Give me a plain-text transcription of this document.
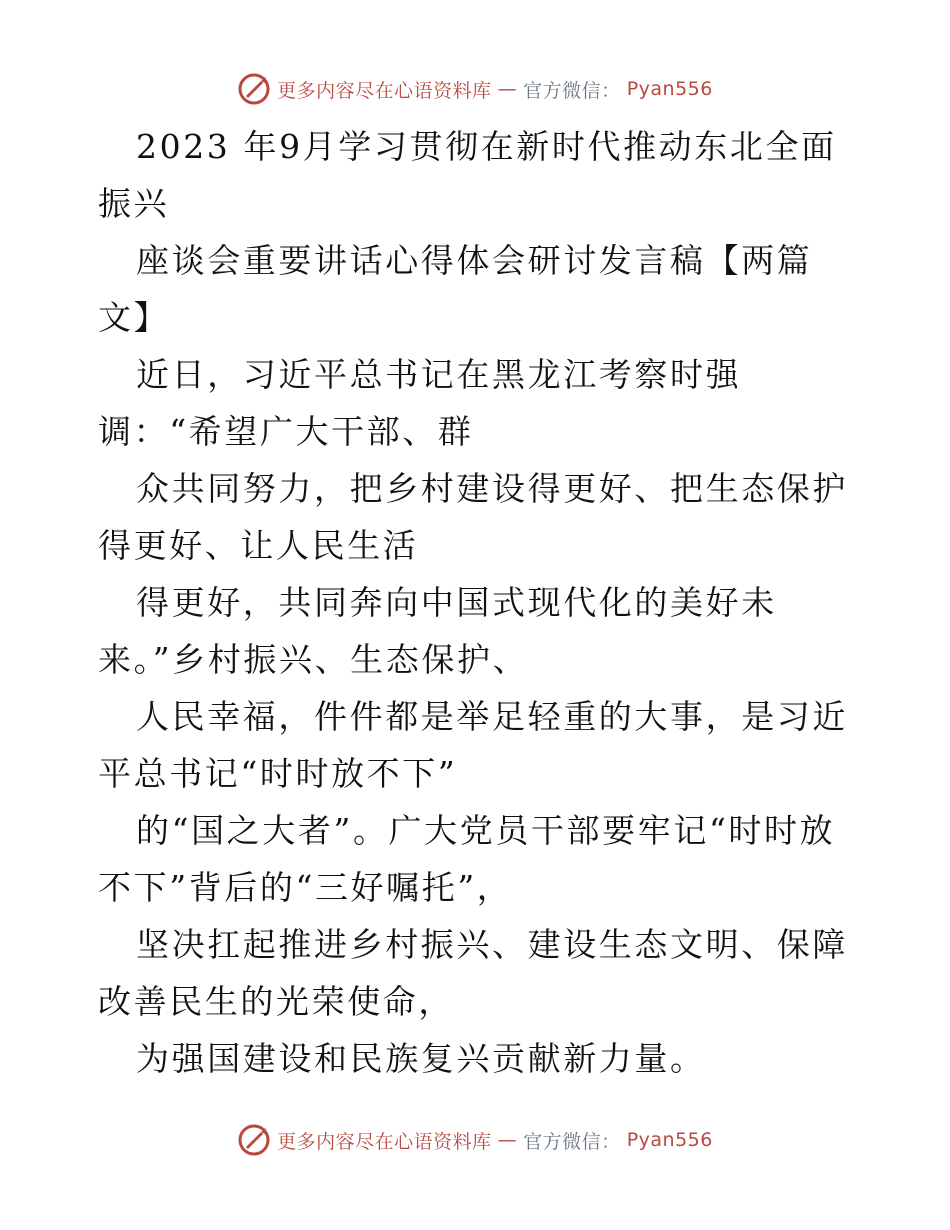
更多内容尽在心语资料库 — 官方微信： Pyan556

2023 年9月学习贯彻在新时代推动东北全面振兴

座谈会重要讲话心得体会研讨发言稿【两篇文】

近日，习近平总书记在黑龙江考察时强调：“希望广大干部、群

众共同努力，把乡村建设得更好、把生态保护得更好、让人民生活

得更好，共同奔向中国式现代化的美好未来。”乡村振兴、生态保护、

人民幸福，件件都是举足轻重的大事，是习近平总书记“时时放不下”

的“国之大者”。广大党员干部要牢记“时时放不下”背后的“三好嘱托”，

坚决扛起推进乡村振兴、建设生态文明、保障改善民生的光荣使命，

为强国建设和民族复兴贡献新力量。

更多内容尽在心语资料库 — 官方微信： Pyan556
